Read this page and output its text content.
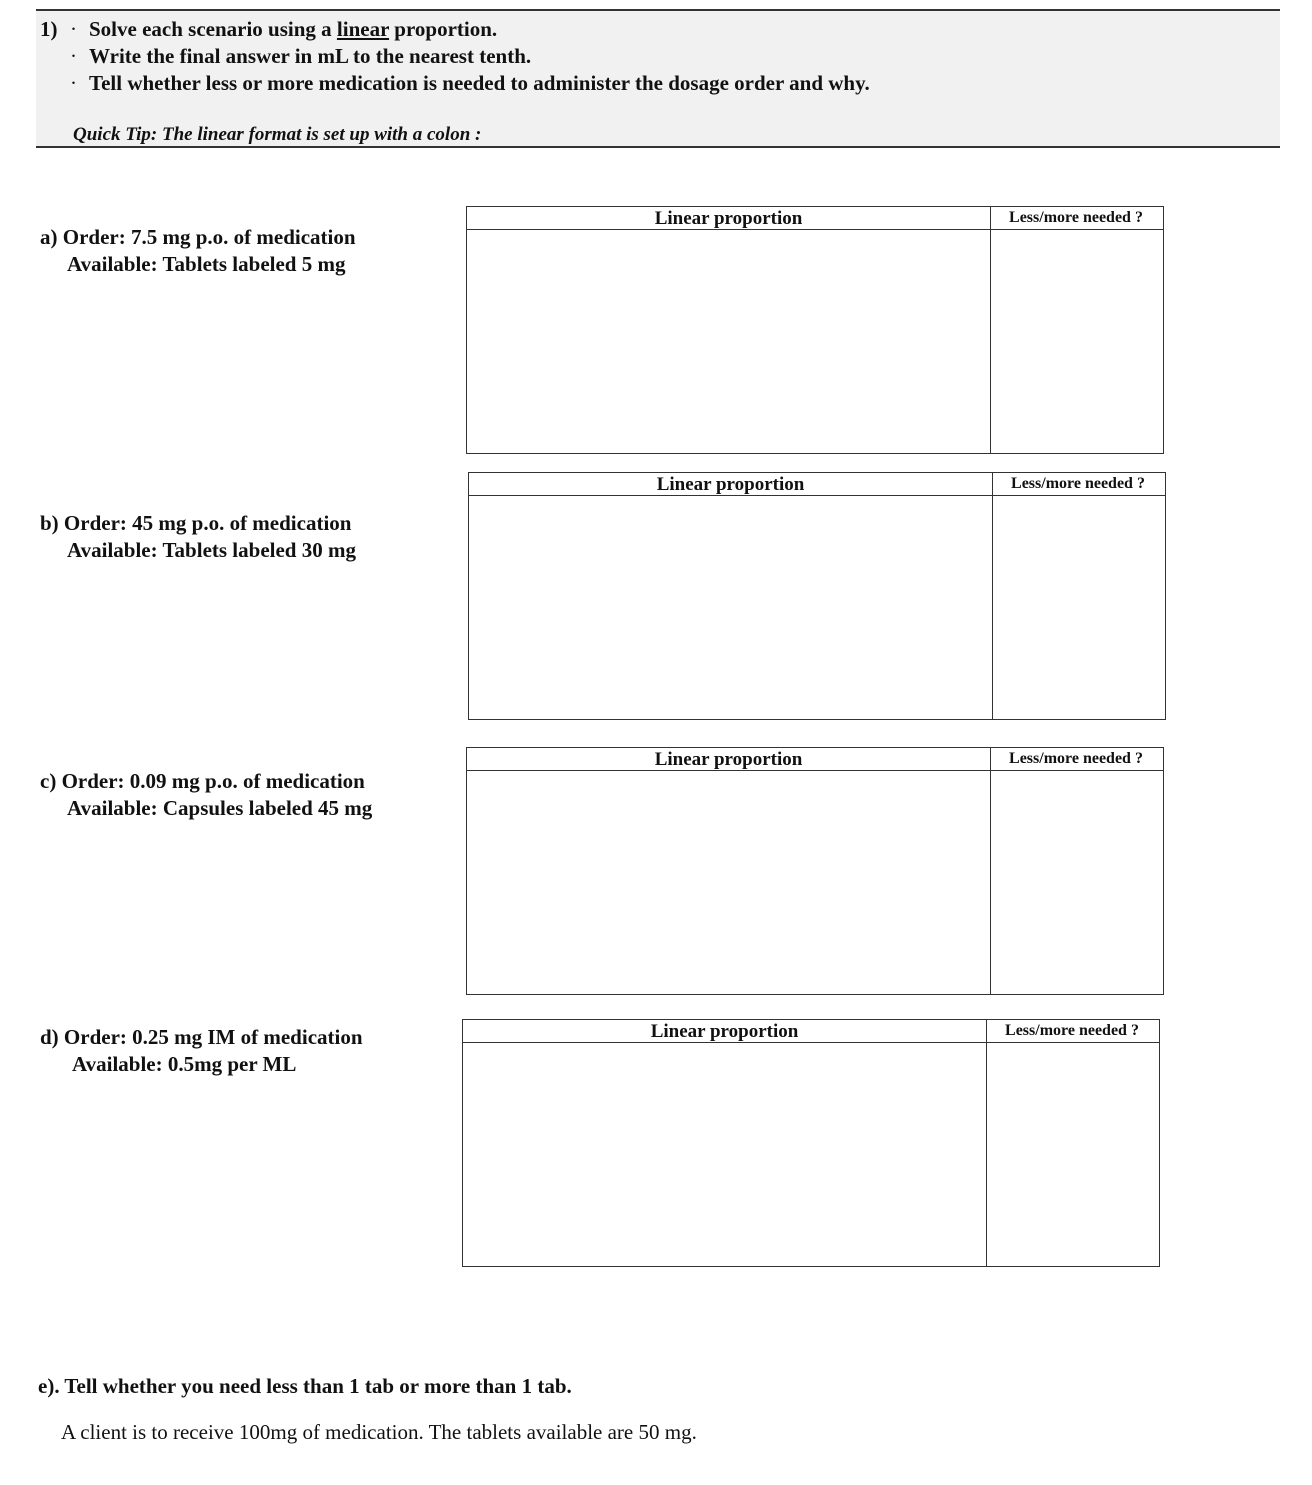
1) · Solve each scenario using a linear proportion.
· Write the final answer in mL to the nearest tenth.
· Tell whether less or more medication is needed to administer the dosage order and why.
Quick Tip: The linear format is set up with a colon :
a) Order: 7.5 mg p.o. of medication
Available: Tablets labeled 5 mg
Linear proportion	Less/more needed ?
b) Order: 45 mg p.o. of medication
Available: Tablets labeled 30 mg
Linear proportion	Less/more needed ?
c) Order: 0.09 mg p.o. of medication
Available: Capsules labeled 45 mg
Linear proportion	Less/more needed ?
d) Order: 0.25 mg IM of medication
Available: 0.5mg per ML
Linear proportion	Less/more needed ?
e). Tell whether you need less than 1 tab or more than 1 tab.
A client is to receive 100mg of medication. The tablets available are 50 mg.
